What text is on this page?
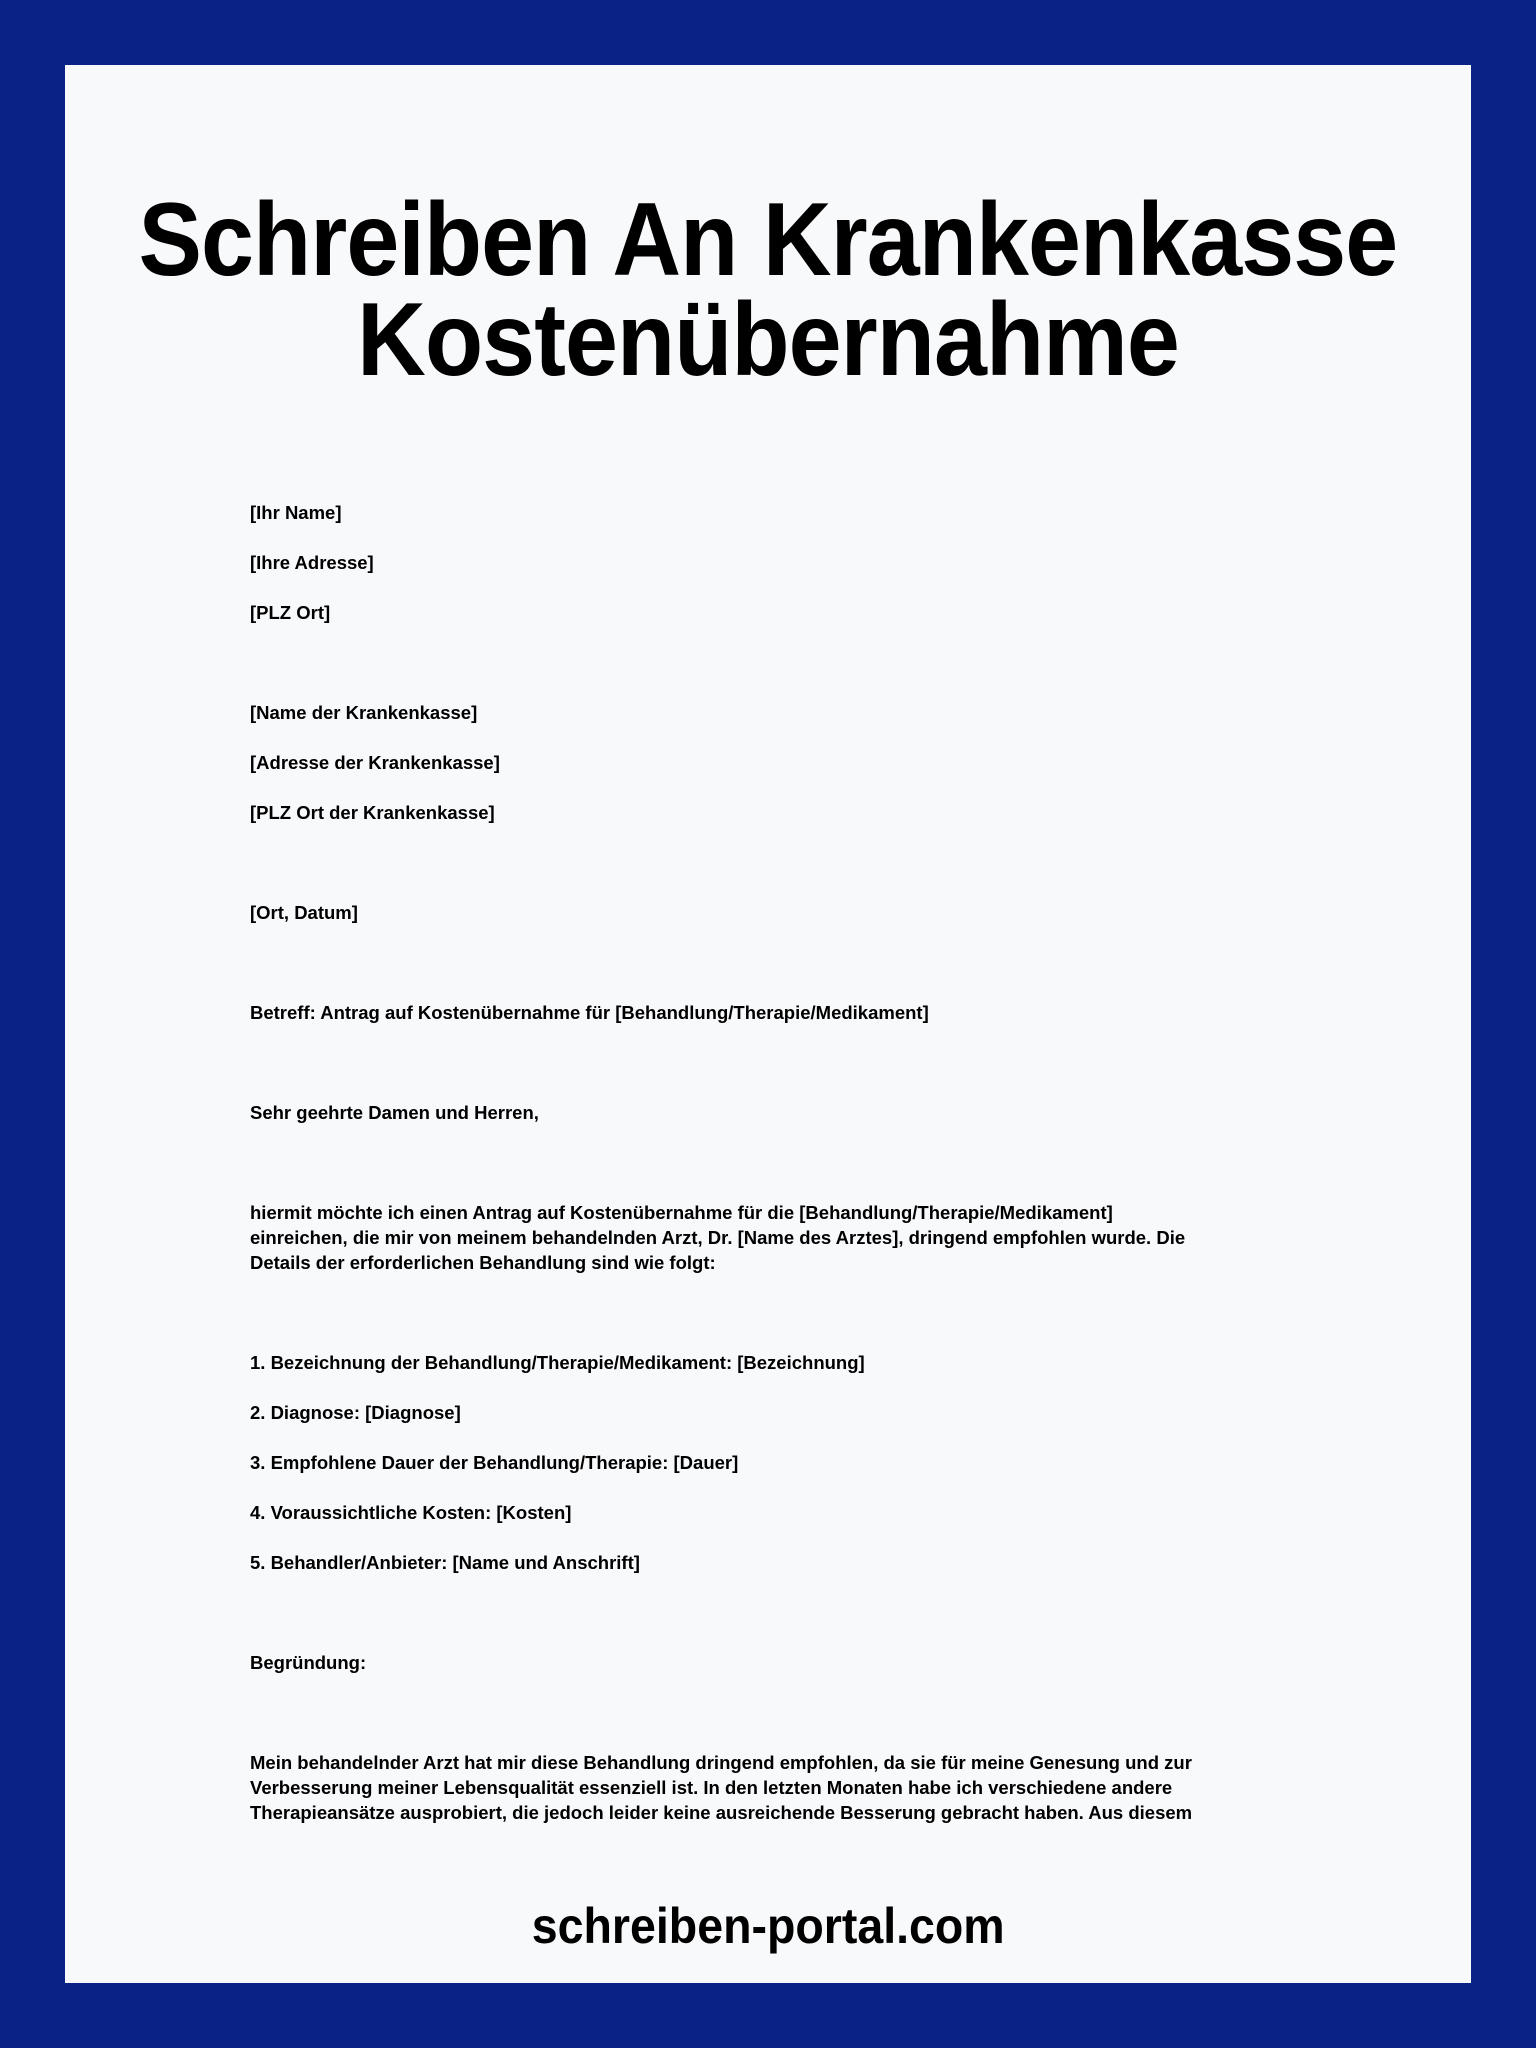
Schreiben An Krankenkasse
Kostenübernahme
[Ihr Name]
[Ihre Adresse]
[PLZ Ort]
[Name der Krankenkasse]
[Adresse der Krankenkasse]
[PLZ Ort der Krankenkasse]
[Ort, Datum]
Betreff: Antrag auf Kostenübernahme für [Behandlung/Therapie/Medikament]
Sehr geehrte Damen und Herren,
hiermit möchte ich einen Antrag auf Kostenübernahme für die [Behandlung/Therapie/Medikament]
einreichen, die mir von meinem behandelnden Arzt, Dr. [Name des Arztes], dringend empfohlen wurde. Die
Details der erforderlichen Behandlung sind wie folgt:
1. Bezeichnung der Behandlung/Therapie/Medikament: [Bezeichnung]
2. Diagnose: [Diagnose]
3. Empfohlene Dauer der Behandlung/Therapie: [Dauer]
4. Voraussichtliche Kosten: [Kosten]
5. Behandler/Anbieter: [Name und Anschrift]
Begründung:
Mein behandelnder Arzt hat mir diese Behandlung dringend empfohlen, da sie für meine Genesung und zur
Verbesserung meiner Lebensqualität essenziell ist. In den letzten Monaten habe ich verschiedene andere
Therapieansätze ausprobiert, die jedoch leider keine ausreichende Besserung gebracht haben. Aus diesem
schreiben-portal.com
